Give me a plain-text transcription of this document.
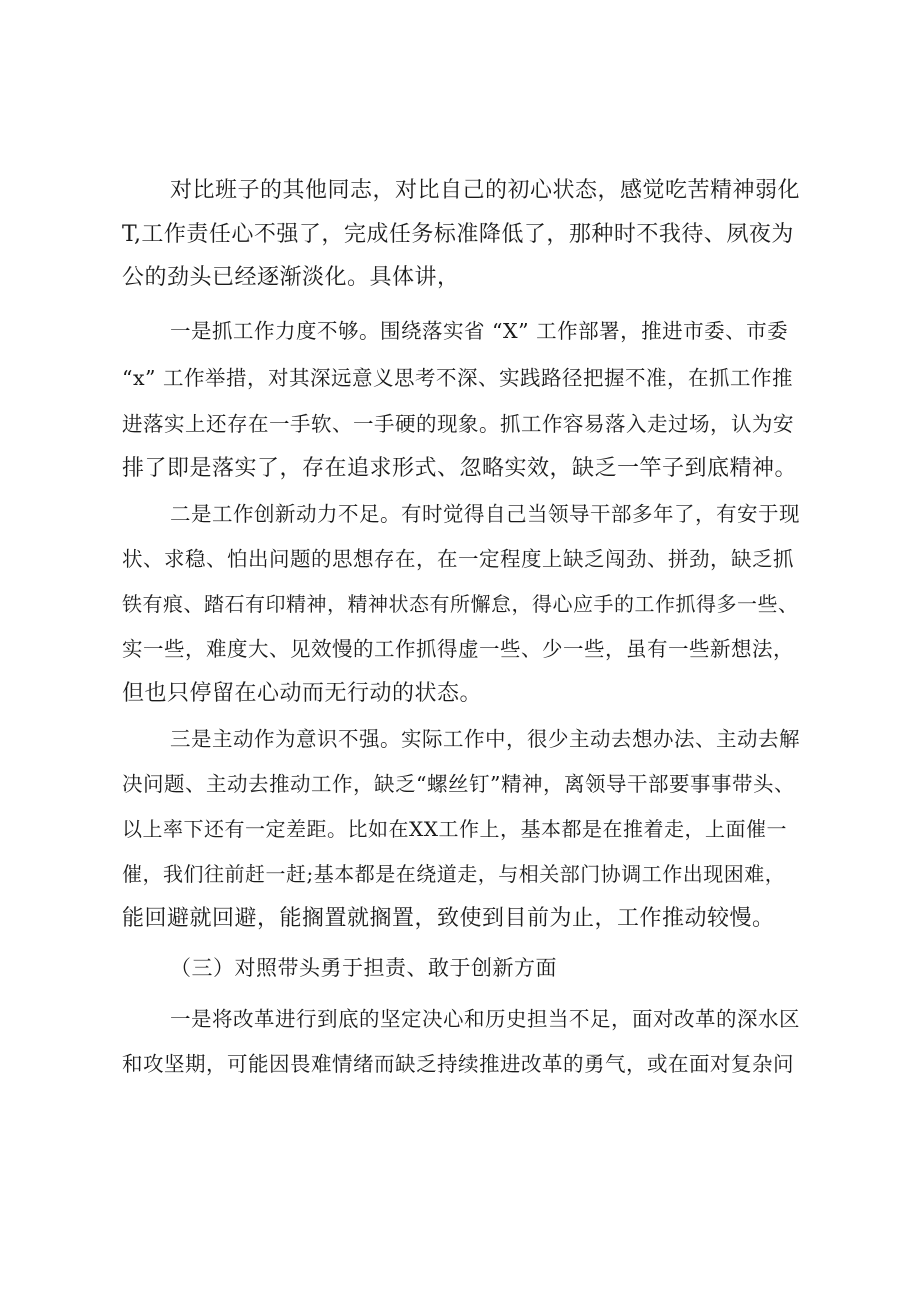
对比班子的其他同志，对比自己的初心状态，感觉吃苦精神弱化
T,工作责任心不强了，完成任务标准降低了，那种时不我待、夙夜为
公的劲头已经逐渐淡化。具体讲，
一是抓工作力度不够。围绕落实省 “X” 工作部署，推进市委、市委
“x” 工作举措，对其深远意义思考不深、实践路径把握不准，在抓工作推
进落实上还存在一手软、一手硬的现象。抓工作容易落入走过场，认为安
排了即是落实了，存在追求形式、忽略实效，缺乏一竿子到底精神。
二是工作创新动力不足。有时觉得自己当领导干部多年了，有安于现
状、求稳、怕出问题的思想存在，在一定程度上缺乏闯劲、拼劲，缺乏抓
铁有痕、踏石有印精神，精神状态有所懈怠，得心应手的工作抓得多一些、
实一些，难度大、见效慢的工作抓得虚一些、少一些，虽有一些新想法，
但也只停留在心动而无行动的状态。
三是主动作为意识不强。实际工作中，很少主动去想办法、主动去解
决问题、主动去推动工作，缺乏“螺丝钉”精神，离领导干部要事事带头、
以上率下还有一定差距。比如在XX工作上，基本都是在推着走，上面催一
催，我们往前赶一赶;基本都是在绕道走，与相关部门协调工作出现困难，
能回避就回避，能搁置就搁置，致使到目前为止，工作推动较慢。
（三）对照带头勇于担责、敢于创新方面
一是将改革进行到底的坚定决心和历史担当不足，面对改革的深水区
和攻坚期，可能因畏难情绪而缺乏持续推进改革的勇气，或在面对复杂问
